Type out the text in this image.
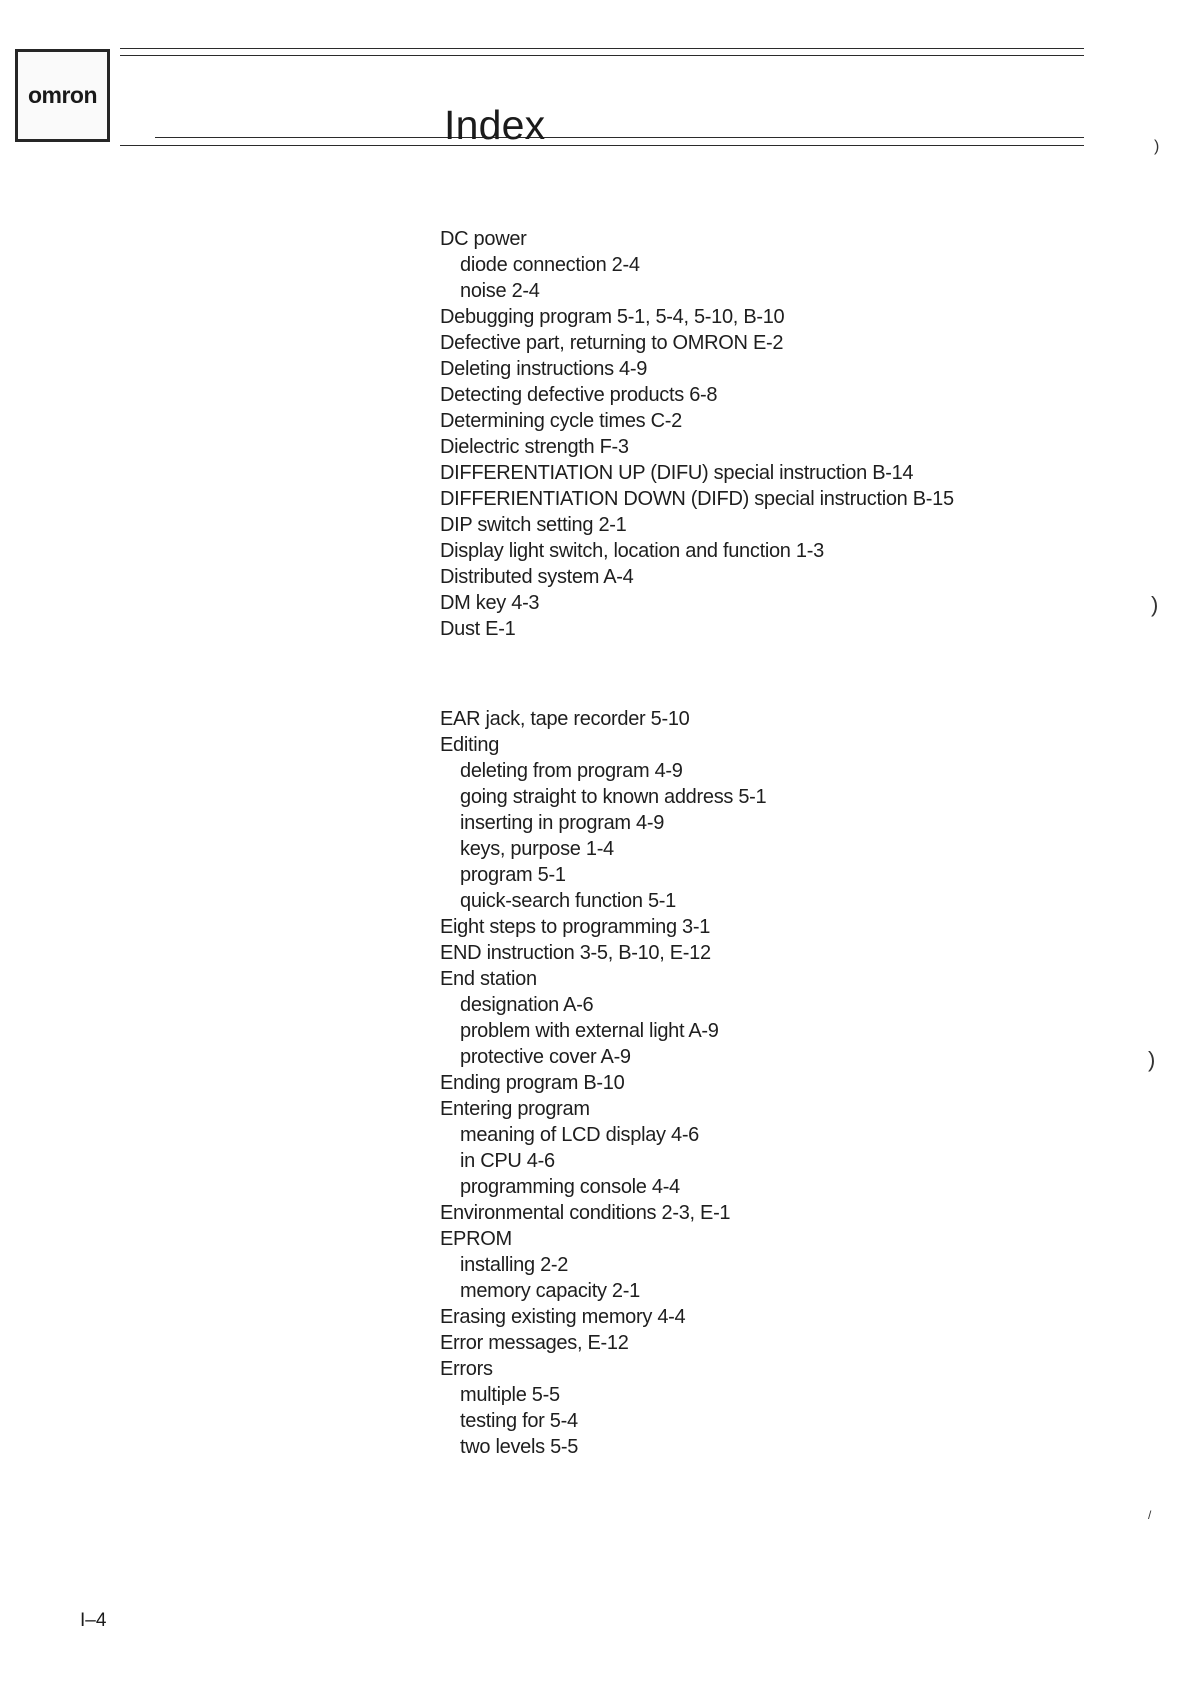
omron
Index
DC power
diode connection 2-4
noise 2-4
Debugging program 5-1, 5-4, 5-10, B-10
Defective part, returning to OMRON E-2
Deleting instructions 4-9
Detecting defective products 6-8
Determining cycle times C-2
Dielectric strength F-3
DIFFERENTIATION UP (DIFU) special instruction B-14
DIFFERIENTIATION DOWN (DIFD) special instruction B-15
DIP switch setting 2-1
Display light switch, location and function 1-3
Distributed system A-4
DM key 4-3
Dust E-1
EAR jack, tape recorder 5-10
Editing
deleting from program 4-9
going straight to known address 5-1
inserting in program 4-9
keys, purpose 1-4
program 5-1
quick-search function 5-1
Eight steps to programming 3-1
END instruction 3-5, B-10, E-12
End station
designation A-6
problem with external light A-9
protective cover A-9
Ending program B-10
Entering program
meaning of LCD display 4-6
in CPU 4-6
programming console 4-4
Environmental conditions 2-3, E-1
EPROM
installing 2-2
memory capacity 2-1
Erasing existing memory 4-4
Error messages, E-12
Errors
multiple 5-5
testing for 5-4
two levels 5-5
)
)
)
/
I–4
